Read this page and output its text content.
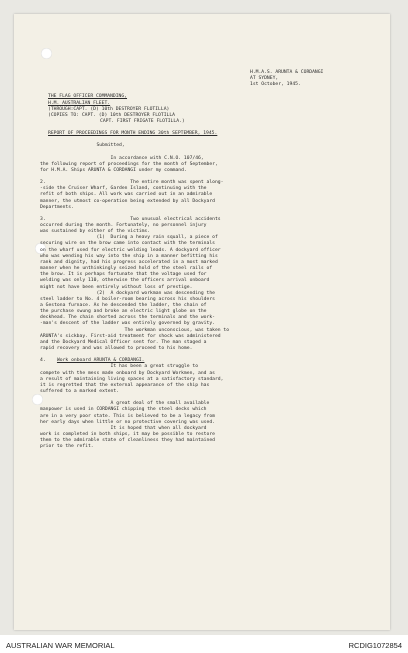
H.M.A.S. ARUNTA & CORDANGI
AT SYDNEY,
1st October, 1945.
THE FLAG OFFICER COMMANDING,
H.M. AUSTRALIAN FLEET.
(THROUGH:CAPT. (D) 10th DESTROYER FLOTILLA)
(COPIES TO: CAPT. (D) 10th DESTROYER FLOTILLA
CAPT. FIRST FRIGATE FLOTILLA.)
REPORT OF PROCEEDINGS FOR MONTH ENDING 30th SEPTEMBER, 1945.
Submitted,
In accordance with C.N.O. 107/46,
the following report of proceedings for the month of September,
for H.M.A. Ships ARUNTA & CORDANGI under my command.
2.                              The entire month was spent along-
-side the Cruiser Wharf, Garden Island, continuing with the
refit of both ships. All work was carried out in an admirable
manner, the utmost co-operation being extended by all Dockyard
Departments.
3.                              Two unusual electrical accidents
occurred during the month. Fortunately, no personnel injury
was sustained by either of the victims.
(1)  During a heavy rain squall, a piece of
securing wire on the brow came into contact with the terminals
on the wharf used for electric welding leads. A dockyard officer
who was wending his way into the ship in a manner befitting his
rank and dignity, had his progress accelerated in a most marked
manner when he unthinkingly seized hold of the steel rails of
the brow. It is perhaps fortunate that the voltage used for
welding was only 110, otherwise the officers arrival onboard
might not have been entirely without loss of prestige.
(2)  A dockyard workman was descending the
steel ladder to No. 4 boiler-room bearing across his shoulders
a Gestona furnace. As he descended the ladder, the chain of
the purchase swung and broke an electric light globe on the
deckhead. The chain shorted across the terminals and the work-
-man's descent of the ladder was entirely governed by gravity.
The workman unconscious, was taken to
ARUNTA's sickbay. First-aid treatment for shock was administered
and the Dockyard Medical Officer sent for. The man staged a
rapid recovery and was allowed to proceed to his home.
4. Work onboard ARUNTA & CORDANGI.
It has been a great struggle to
compete with the mess made onboard by Dockyard Workmen, and as
a result of maintaining living spaces at a satisfactory standard,
it is regretted that the external appearance of the ship has
suffered to a marked extent.
A great deal of the small available
manpower is used in CORDANGI chipping the steel decks which
are in a very poor state. This is believed to be a legacy from
her early days when little or no protective covering was used.
It is hoped that when all dockyard
work is completed in both ships, it may be possible to restore
them to the admirable state of cleanliness they had maintained
prior to the refit.
AUSTRALIAN WAR MEMORIAL	RCDIG1072854
